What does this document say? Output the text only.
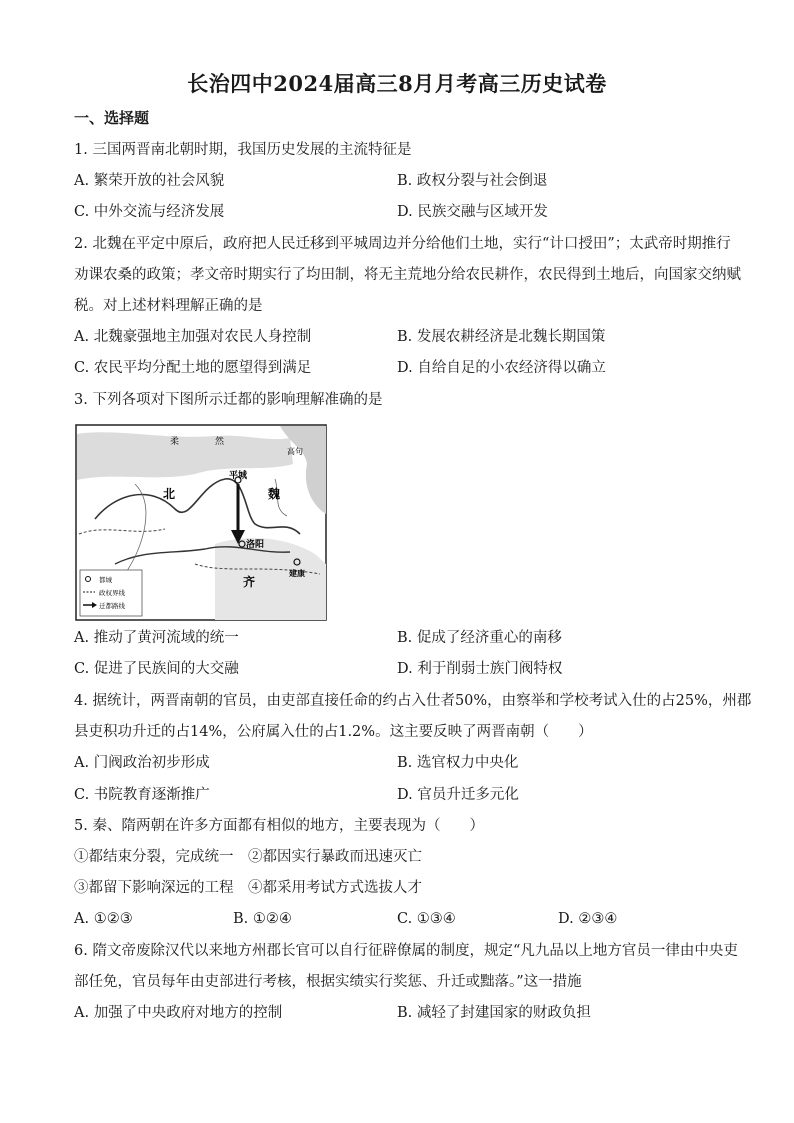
长治四中2024届高三8月月考高三历史试卷
一、选择题
1. 三国两晋南北朝时期，我国历史发展的主流特征是
A. 繁荣开放的社会风貌	B. 政权分裂与社会倒退
C. 中外交流与经济发展	D. 民族交融与区域开发
2. 北魏在平定中原后，政府把人民迁移到平城周边并分给他们土地，实行“计口授田”；太武帝时期推行
劝课农桑的政策；孝文帝时期实行了均田制，将无主荒地分给农民耕作，农民得到土地后，向国家交纳赋
税。对上述材料理解正确的是
A. 北魏豪强地主加强对农民人身控制	B. 发展农耕经济是北魏长期国策
C. 农民平均分配土地的愿望得到满足	D. 自给自足的小农经济得以确立
3. 下列各项对下图所示迁都的影响理解准确的是
柔	然
高句
平城
北	魏
洛阳
齐
建康
都城
政权界线
迁都路线
A. 推动了黄河流域的统一	B. 促成了经济重心的南移
C. 促进了民族间的大交融	D. 利于削弱士族门阀特权
4. 据统计，两晋南朝的官员，由吏部直接任命的约占入仕者50%，由察举和学校考试入仕的占25%，州郡
县吏积功升迁的占14%，公府属入仕的占1.2%。这主要反映了两晋南朝（　　）
A. 门阀政治初步形成	B. 选官权力中央化
C. 书院教育逐渐推广	D. 官员升迁多元化
5. 秦、隋两朝在许多方面都有相似的地方，主要表现为（　　）
①都结束分裂，完成统一　②都因实行暴政而迅速灭亡
③都留下影响深远的工程　④都采用考试方式选拔人才
A. ①②③	B. ①②④	C. ①③④	D. ②③④
6. 隋文帝废除汉代以来地方州郡长官可以自行征辟僚属的制度，规定“凡九品以上地方官员一律由中央吏
部任免，官员每年由吏部进行考核，根据实绩实行奖惩、升迁或黜落。”这一措施
A. 加强了中央政府对地方的控制	B. 减轻了封建国家的财政负担
